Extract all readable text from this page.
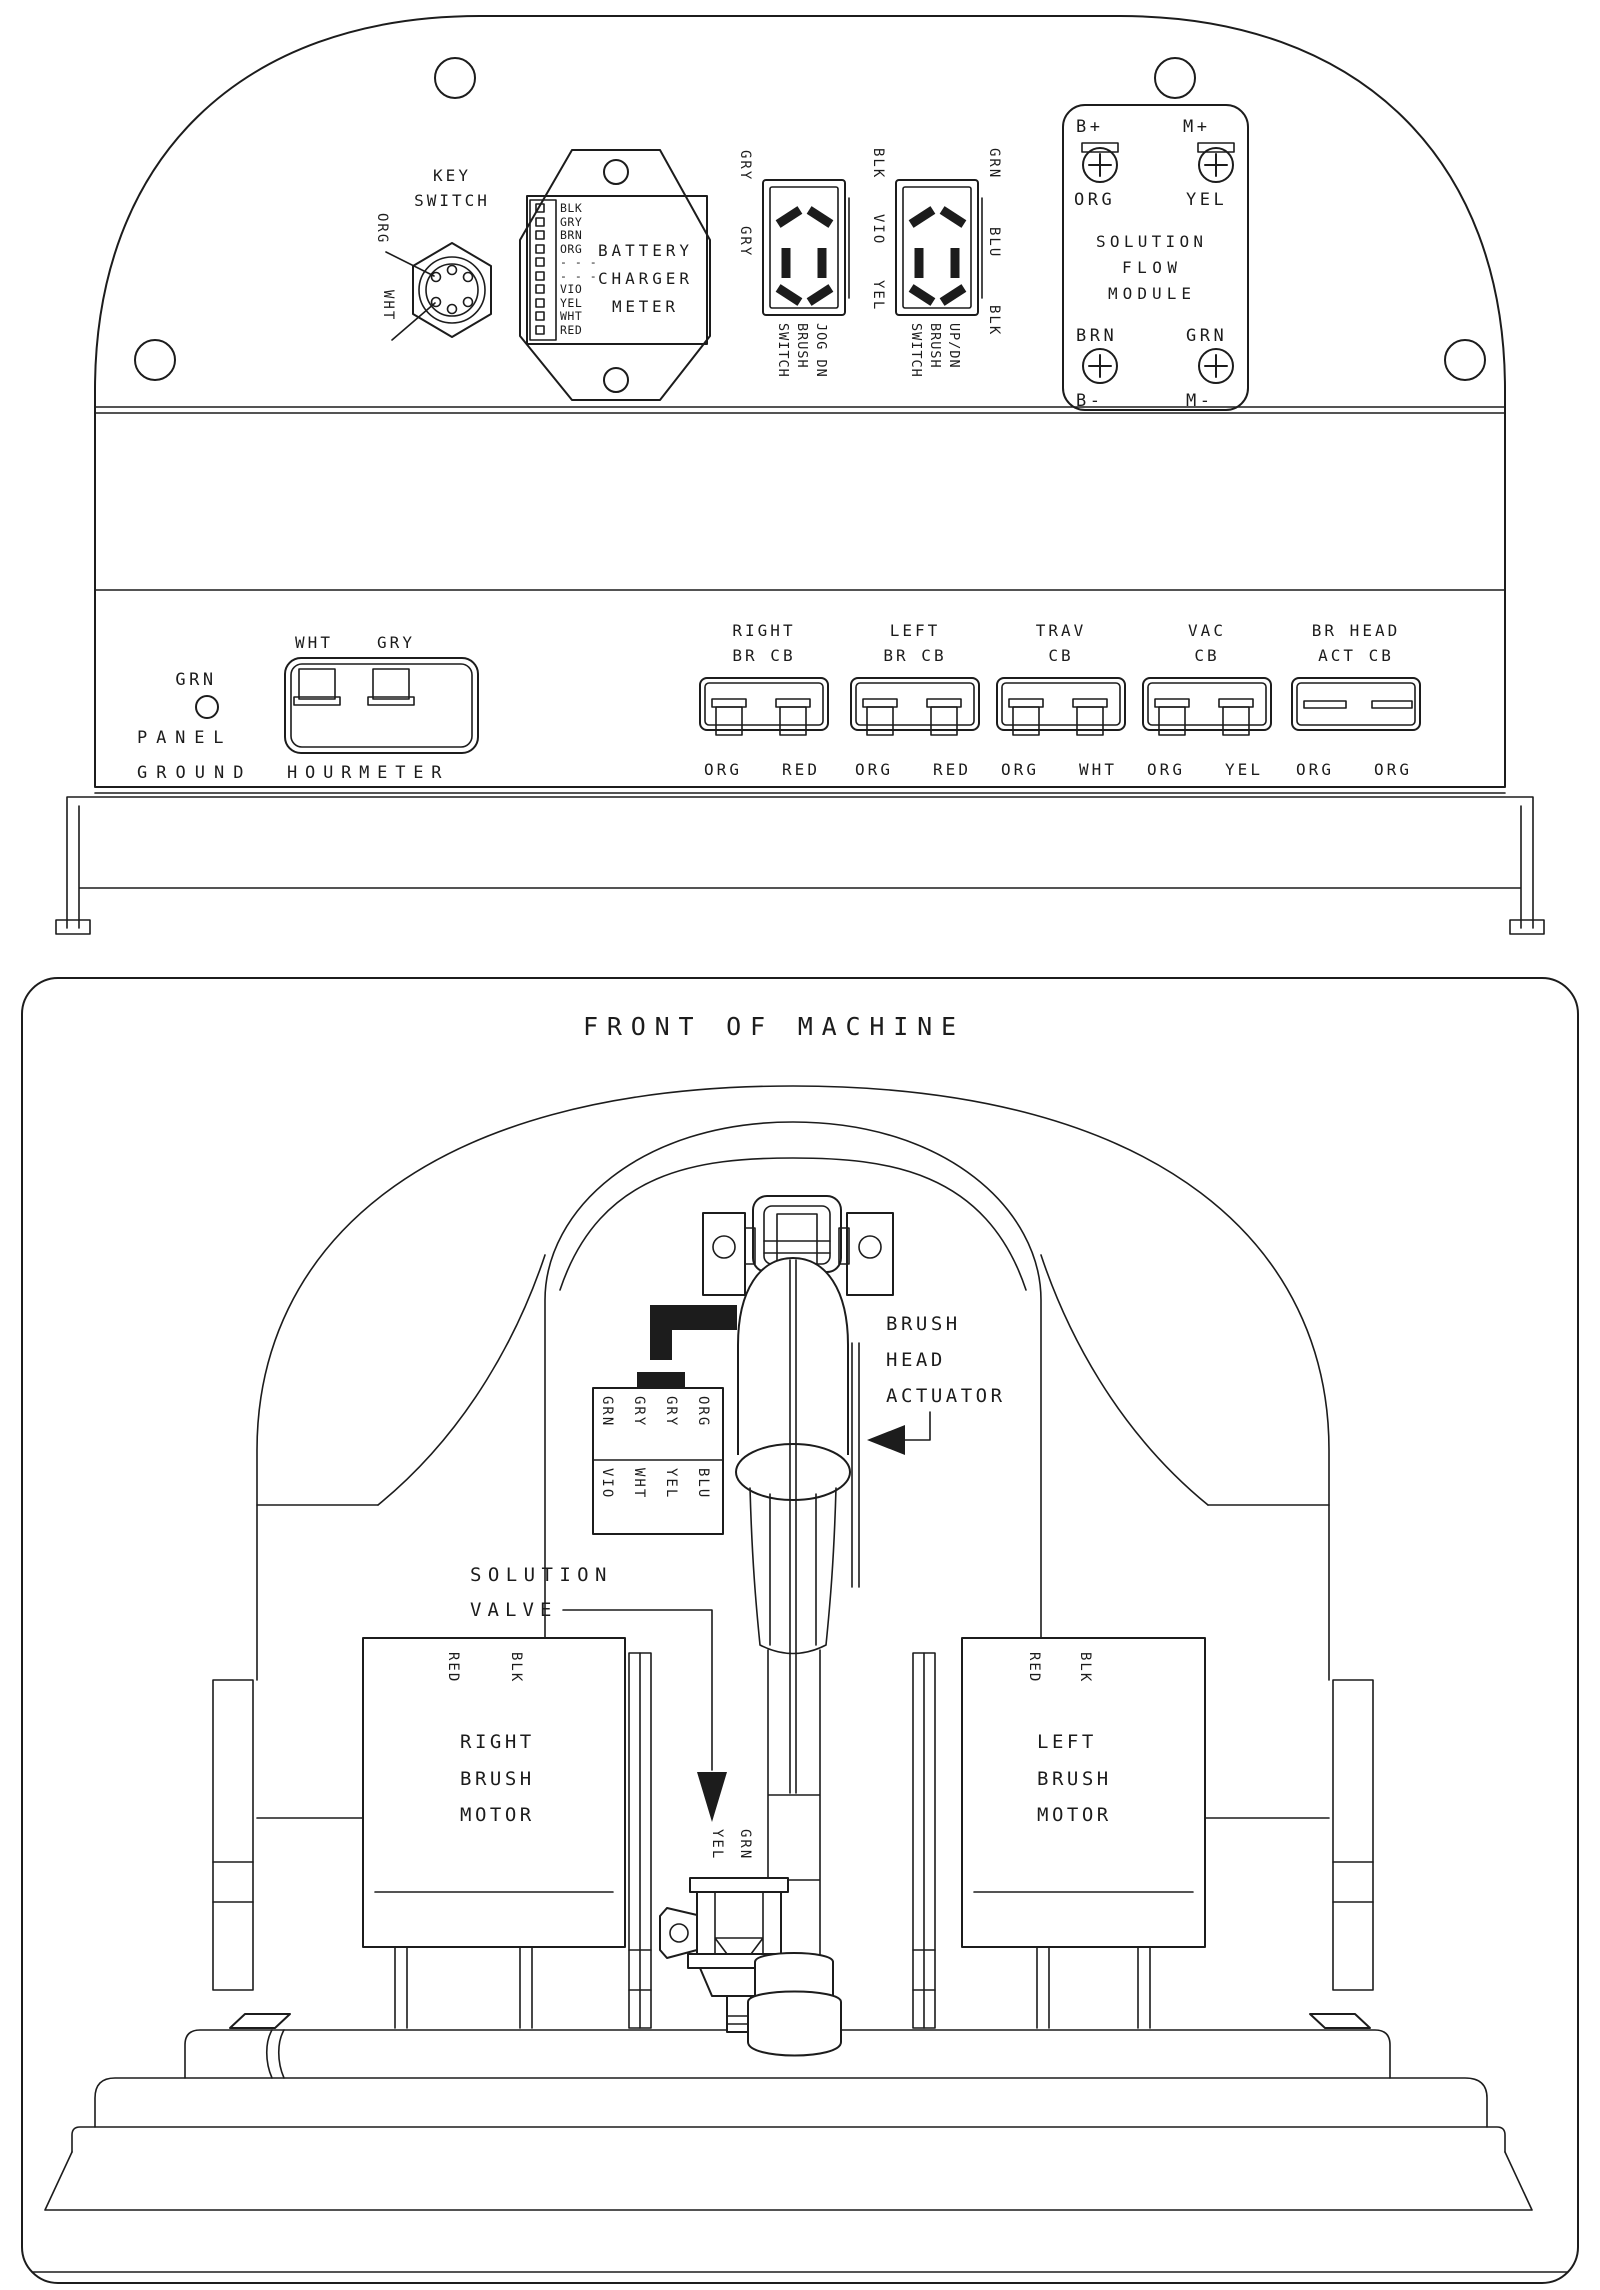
KEY
SWITCH
ORG
WHT
BLK
GRY
BRN
ORG
- - -
- - -
VIO
YEL
WHT
RED
BATTERY
CHARGER
METER
GRY
GRY
SWITCH BRUSH JOG DN
BLK
VIO
YEL
GRN
BLU
BLK
SWITCH BRUSH UP/DN
B+	M+
ORG	YEL
SOLUTION
FLOW
MODULE
BRN	GRN
B-	M-
GRN
PANEL
GROUND
WHT	GRY
HOURMETER
RIGHT
BR CB
ORG	RED
LEFT
BR CB
ORG	RED
TRAV
CB
ORG	WHT
VAC
CB
ORG	YEL
BR HEAD
ACT CB
ORG	ORG
FRONT OF MACHINE
RED	BLK
RIGHT
BRUSH
MOTOR
RED	BLK
LEFT
BRUSH
MOTOR
GRN GRY GRY ORG
VIO WHT YEL BLU
BRUSH
HEAD
ACTUATOR
SOLUTION
VALVE
YEL GRN
